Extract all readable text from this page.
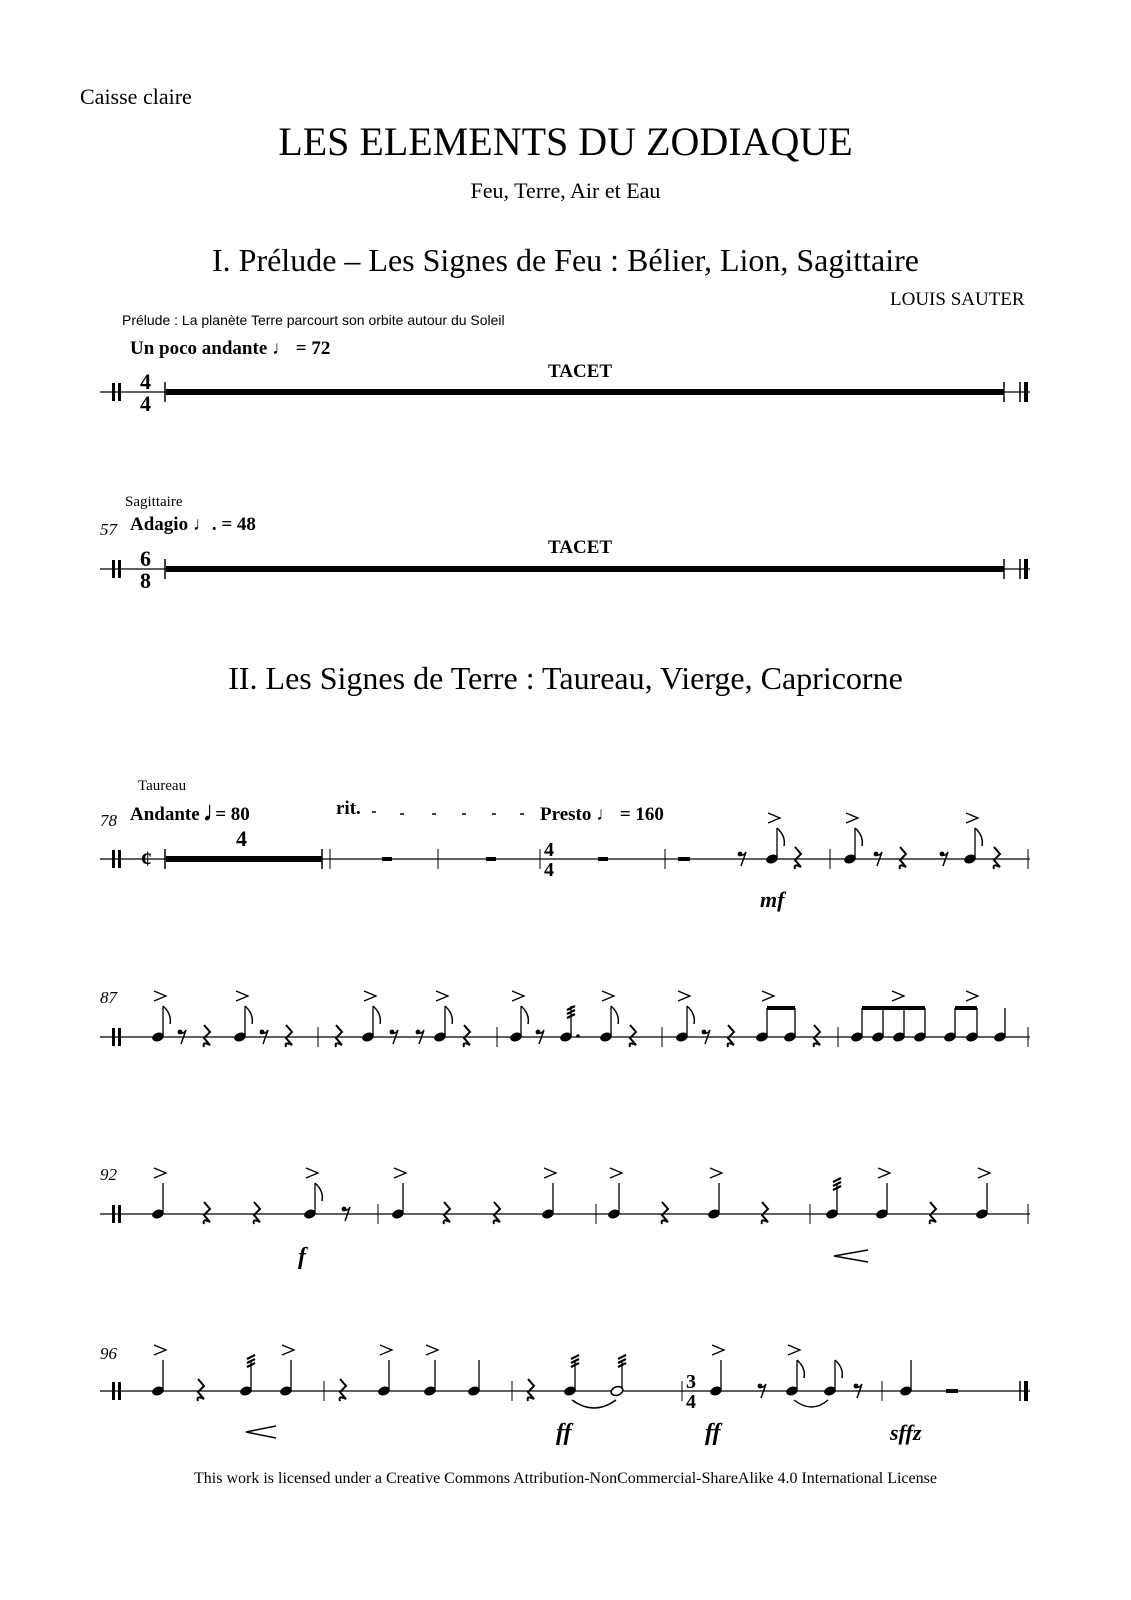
Caisse claire
LES ELEMENTS DU ZODIAQUE
Feu, Terre, Air et Eau
I. Prélude – Les Signes de Feu : Bélier, Lion, Sagittaire
LOUIS SAUTER
Prélude : La planète Terre parcourt son orbite autour du Soleil
Un poco andante ♩ = 72
TACET
Sagittaire
57 Adagio ♩. = 48
TACET
II. Les Signes de Terre : Taureau, Vierge, Capricorne
Taureau
78 Andante 𝅘𝅥 = 80	rit.	Presto ♩ = 160
87
92
96
This work is licensed under a Creative Commons Attribution-NonCommercial-ShareAlike 4.0 International License
4
4
6
8
¢
4	4
4
mf
f
3
4
ff	ff	sffz
